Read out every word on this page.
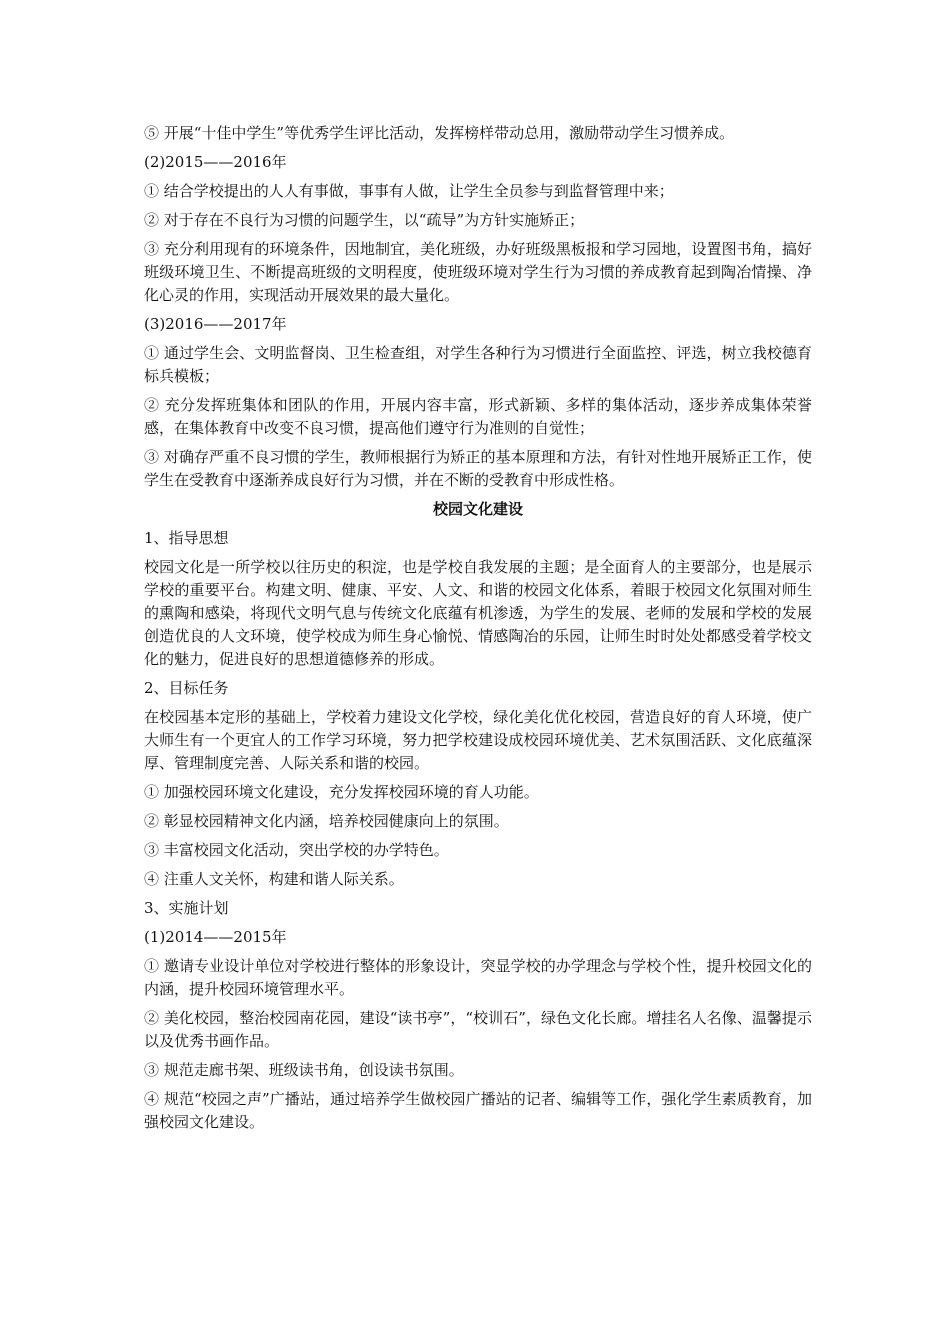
⑤ 开展“十佳中学生”等优秀学生评比活动，发挥榜样带动总用，激励带动学生习惯养成。

(2)2015——2016年

① 结合学校提出的人人有事做，事事有人做，让学生全员参与到监督管理中来；

② 对于存在不良行为习惯的问题学生，以“疏导”为方针实施矫正；

③ 充分利用现有的环境条件，因地制宜，美化班级，办好班级黑板报和学习园地，设置图书角，搞好班级环境卫生、不断提高班级的文明程度，使班级环境对学生行为习惯的养成教育起到陶冶情操、净化心灵的作用，实现活动开展效果的最大量化。

(3)2016——2017年

① 通过学生会、文明监督岗、卫生检查组，对学生各种行为习惯进行全面监控、评选，树立我校德育标兵模板；

② 充分发挥班集体和团队的作用，开展内容丰富，形式新颖、多样的集体活动，逐步养成集体荣誉感，在集体教育中改变不良习惯，提高他们遵守行为准则的自觉性；

③ 对确存严重不良习惯的学生，教师根据行为矫正的基本原理和方法，有针对性地开展矫正工作，使学生在受教育中逐渐养成良好行为习惯，并在不断的受教育中形成性格。

校园文化建设

1、指导思想

校园文化是一所学校以往历史的积淀，也是学校自我发展的主题；是全面育人的主要部分，也是展示学校的重要平台。构建文明、健康、平安、人文、和谐的校园文化体系，着眼于校园文化氛围对师生的熏陶和感染，将现代文明气息与传统文化底蕴有机渗透，为学生的发展、老师的发展和学校的发展创造优良的人文环境，使学校成为师生身心愉悦、情感陶冶的乐园，让师生时时处处都感受着学校文化的魅力，促进良好的思想道德修养的形成。

2、目标任务

在校园基本定形的基础上，学校着力建设文化学校，绿化美化优化校园，营造良好的育人环境，使广大师生有一个更宜人的工作学习环境，努力把学校建设成校园环境优美、艺术氛围活跃、文化底蕴深厚、管理制度完善、人际关系和谐的校园。

① 加强校园环境文化建设，充分发挥校园环境的育人功能。

② 彰显校园精神文化内涵，培养校园健康向上的氛围。

③ 丰富校园文化活动，突出学校的办学特色。

④ 注重人文关怀，构建和谐人际关系。

3、实施计划

(1)2014——2015年

① 邀请专业设计单位对学校进行整体的形象设计，突显学校的办学理念与学校个性，提升校园文化的内涵，提升校园环境管理水平。

② 美化校园，整治校园南花园，建设“读书亭”，“校训石”，绿色文化长廊。增挂名人名像、温馨提示以及优秀书画作品。

③ 规范走廊书架、班级读书角，创设读书氛围。

④ 规范“校园之声”广播站，通过培养学生做校园广播站的记者、编辑等工作，强化学生素质教育，加强校园文化建设。
